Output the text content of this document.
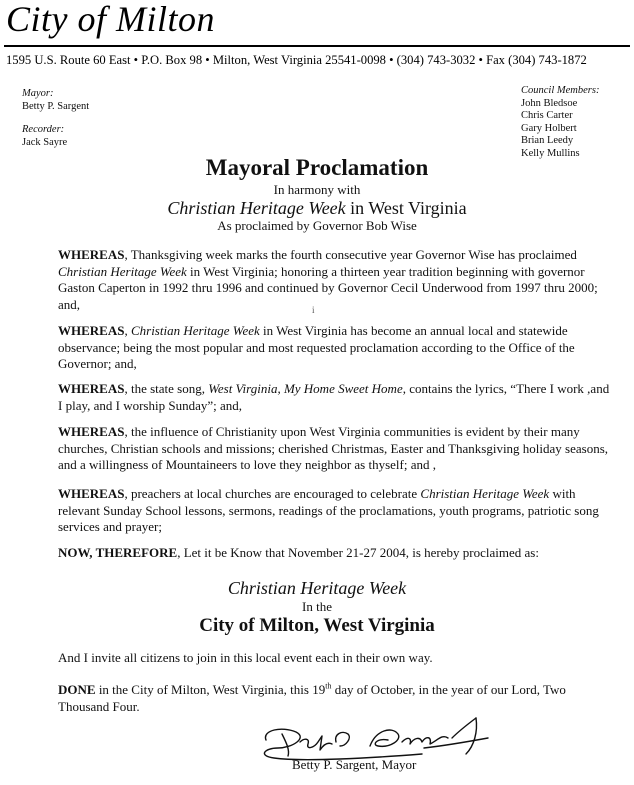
City of Milton
1595 U.S. Route 60 East • P.O. Box 98 • Milton, West Virginia 25541-0098 • (304) 743-3032 • Fax (304) 743-1872
Mayor:
Betty P. Sargent
Recorder:
Jack Sayre
Council Members:
John Bledsoe
Chris Carter
Gary Holbert
Brian Leedy
Kelly Mullins
Mayoral Proclamation
In harmony with
Christian Heritage Week in West Virginia
As proclaimed by Governor Bob Wise
WHEREAS, Thanksgiving week marks the fourth consecutive year Governor Wise has proclaimed Christian Heritage Week in West Virginia; honoring a thirteen year tradition beginning with governor Gaston Caperton in 1992 thru 1996 and continued by Governor Cecil Underwood from 1997 thru 2000; and,	i
WHEREAS, Christian Heritage Week in West Virginia has become an annual local and statewide observance; being the most popular and most requested proclamation according to the Office of the Governor; and,
WHEREAS, the state song, West Virginia, My Home Sweet Home, contains the lyrics, “There I work ,and I play, and I worship Sunday”; and,
WHEREAS, the influence of Christianity upon West Virginia communities is evident by their many churches, Christian schools and missions; cherished Christmas, Easter and Thanksgiving holiday seasons, and a willingness of Mountaineers to love they neighbor as thyself; and ,
WHEREAS, preachers at local churches are encouraged to celebrate Christian Heritage Week with relevant Sunday School lessons, sermons, readings of the proclamations, youth programs, patriotic song services and prayer;
NOW, THEREFORE, Let it be Know that November 21-27 2004, is hereby proclaimed as:
Christian Heritage Week
In the
City of Milton, West Virginia
And I invite all citizens to join in this local event each in their own way.
DONE in the City of Milton, West Virginia, this 19th day of October, in the year of our Lord, Two Thousand Four.
Betty P. Sargent, Mayor
